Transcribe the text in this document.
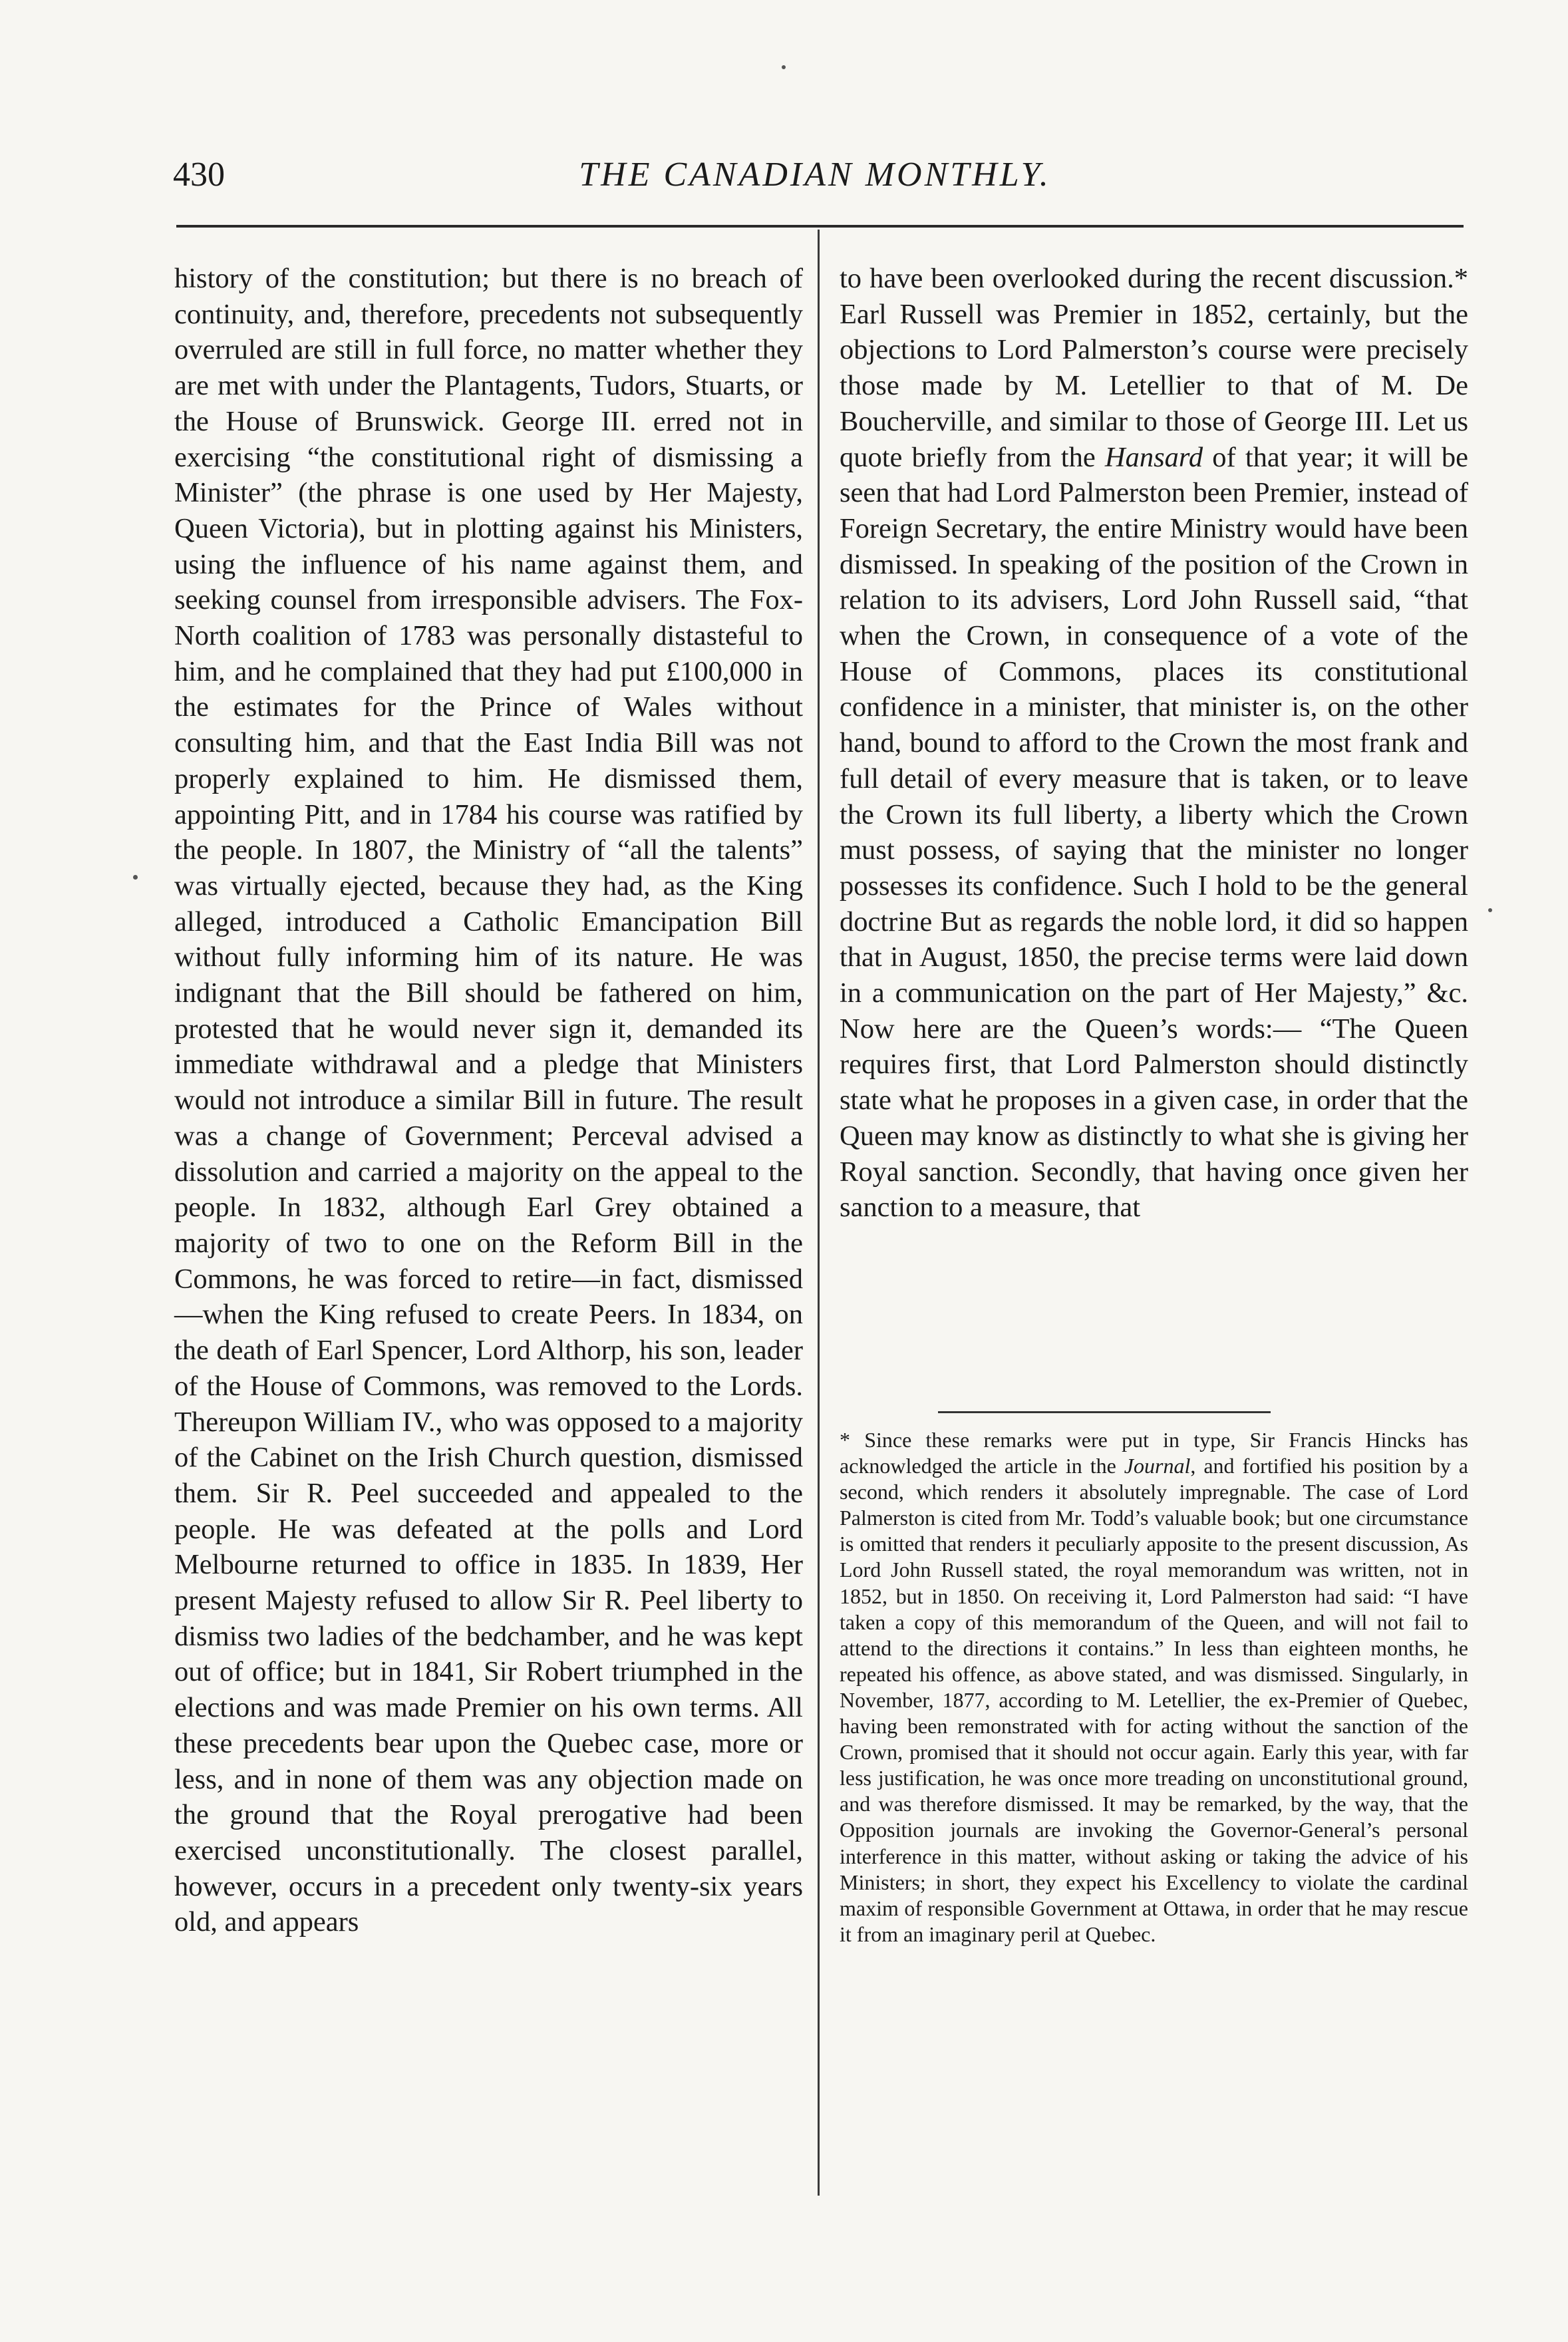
430	THE CANADIAN MONTHLY.

history of the constitution; but there is no breach of continuity, and, therefore, precedents not subsequently overruled are still in full force, no matter whether they are met with under the Plantagents, Tudors, Stuarts, or the House of Brunswick. George III. erred not in exercising “the constitutional right of dismissing a Minister” (the phrase is one used by Her Majesty, Queen Victoria), but in plotting against his Ministers, using the influence of his name against them, and seeking counsel from irresponsible advisers. The Fox-North coalition of 1783 was personally distasteful to him, and he complained that they had put £100,000 in the estimates for the Prince of Wales without consulting him, and that the East India Bill was not properly explained to him. He dismissed them, appointing Pitt, and in 1784 his course was ratified by the people. In 1807, the Ministry of “all the talents” was virtually ejected, because they had, as the King alleged, introduced a Catholic Emancipation Bill without fully informing him of its nature. He was indignant that the Bill should be fathered on him, protested that he would never sign it, demanded its immediate withdrawal and a pledge that Ministers would not introduce a similar Bill in future. The result was a change of Government; Perceval advised a dissolution and carried a majority on the appeal to the people. In 1832, although Earl Grey obtained a majority of two to one on the Reform Bill in the Commons, he was forced to retire—in fact, dismissed—when the King refused to create Peers. In 1834, on the death of Earl Spencer, Lord Althorp, his son, leader of the House of Commons, was removed to the Lords. Thereupon William IV., who was opposed to a majority of the Cabinet on the Irish Church question, dismissed them. Sir R. Peel succeeded and appealed to the people. He was defeated at the polls and Lord Melbourne returned to office in 1835. In 1839, Her present Majesty refused to allow Sir R. Peel liberty to dismiss two ladies of the bedchamber, and he was kept out of office; but in 1841, Sir Robert triumphed in the elections and was made Premier on his own terms. All these precedents bear upon the Quebec case, more or less, and in none of them was any objection made on the ground that the Royal prerogative had been exercised unconstitutionally. The closest parallel, however, occurs in a precedent only twenty-six years old, and appears

to have been overlooked during the recent discussion.* Earl Russell was Premier in 1852, certainly, but the objections to Lord Palmerston’s course were precisely those made by M. Letellier to that of M. De Boucherville, and similar to those of George III. Let us quote briefly from the Hansard of that year; it will be seen that had Lord Palmerston been Premier, instead of Foreign Secretary, the entire Ministry would have been dismissed. In speaking of the position of the Crown in relation to its advisers, Lord John Russell said, “that when the Crown, in consequence of a vote of the House of Commons, places its constitutional confidence in a minister, that minister is, on the other hand, bound to afford to the Crown the most frank and full detail of every measure that is taken, or to leave the Crown its full liberty, a liberty which the Crown must possess, of saying that the minister no longer possesses its confidence. Such I hold to be the general doctrine But as regards the noble lord, it did so happen that in August, 1850, the precise terms were laid down in a communication on the part of Her Majesty,” &c. Now here are the Queen’s words:— “The Queen requires first, that Lord Palmerston should distinctly state what he proposes in a given case, in order that the Queen may know as distinctly to what she is giving her Royal sanction. Secondly, that having once given her sanction to a measure, that

* Since these remarks were put in type, Sir Francis Hincks has acknowledged the article in the Journal, and fortified his position by a second, which renders it absolutely impregnable. The case of Lord Palmerston is cited from Mr. Todd’s valuable book; but one circumstance is omitted that renders it peculiarly apposite to the present discussion, As Lord John Russell stated, the royal memorandum was written, not in 1852, but in 1850. On receiving it, Lord Palmerston had said: “I have taken a copy of this memorandum of the Queen, and will not fail to attend to the directions it contains.” In less than eighteen months, he repeated his offence, as above stated, and was dismissed. Singularly, in November, 1877, according to M. Letellier, the ex-Premier of Quebec, having been remonstrated with for acting without the sanction of the Crown, promised that it should not occur again. Early this year, with far less justification, he was once more treading on unconstitutional ground, and was therefore dismissed. It may be remarked, by the way, that the Opposition journals are invoking the Governor-General’s personal interference in this matter, without asking or taking the advice of his Ministers; in short, they expect his Excellency to violate the cardinal maxim of responsible Government at Ottawa, in order that he may rescue it from an imaginary peril at Quebec.
